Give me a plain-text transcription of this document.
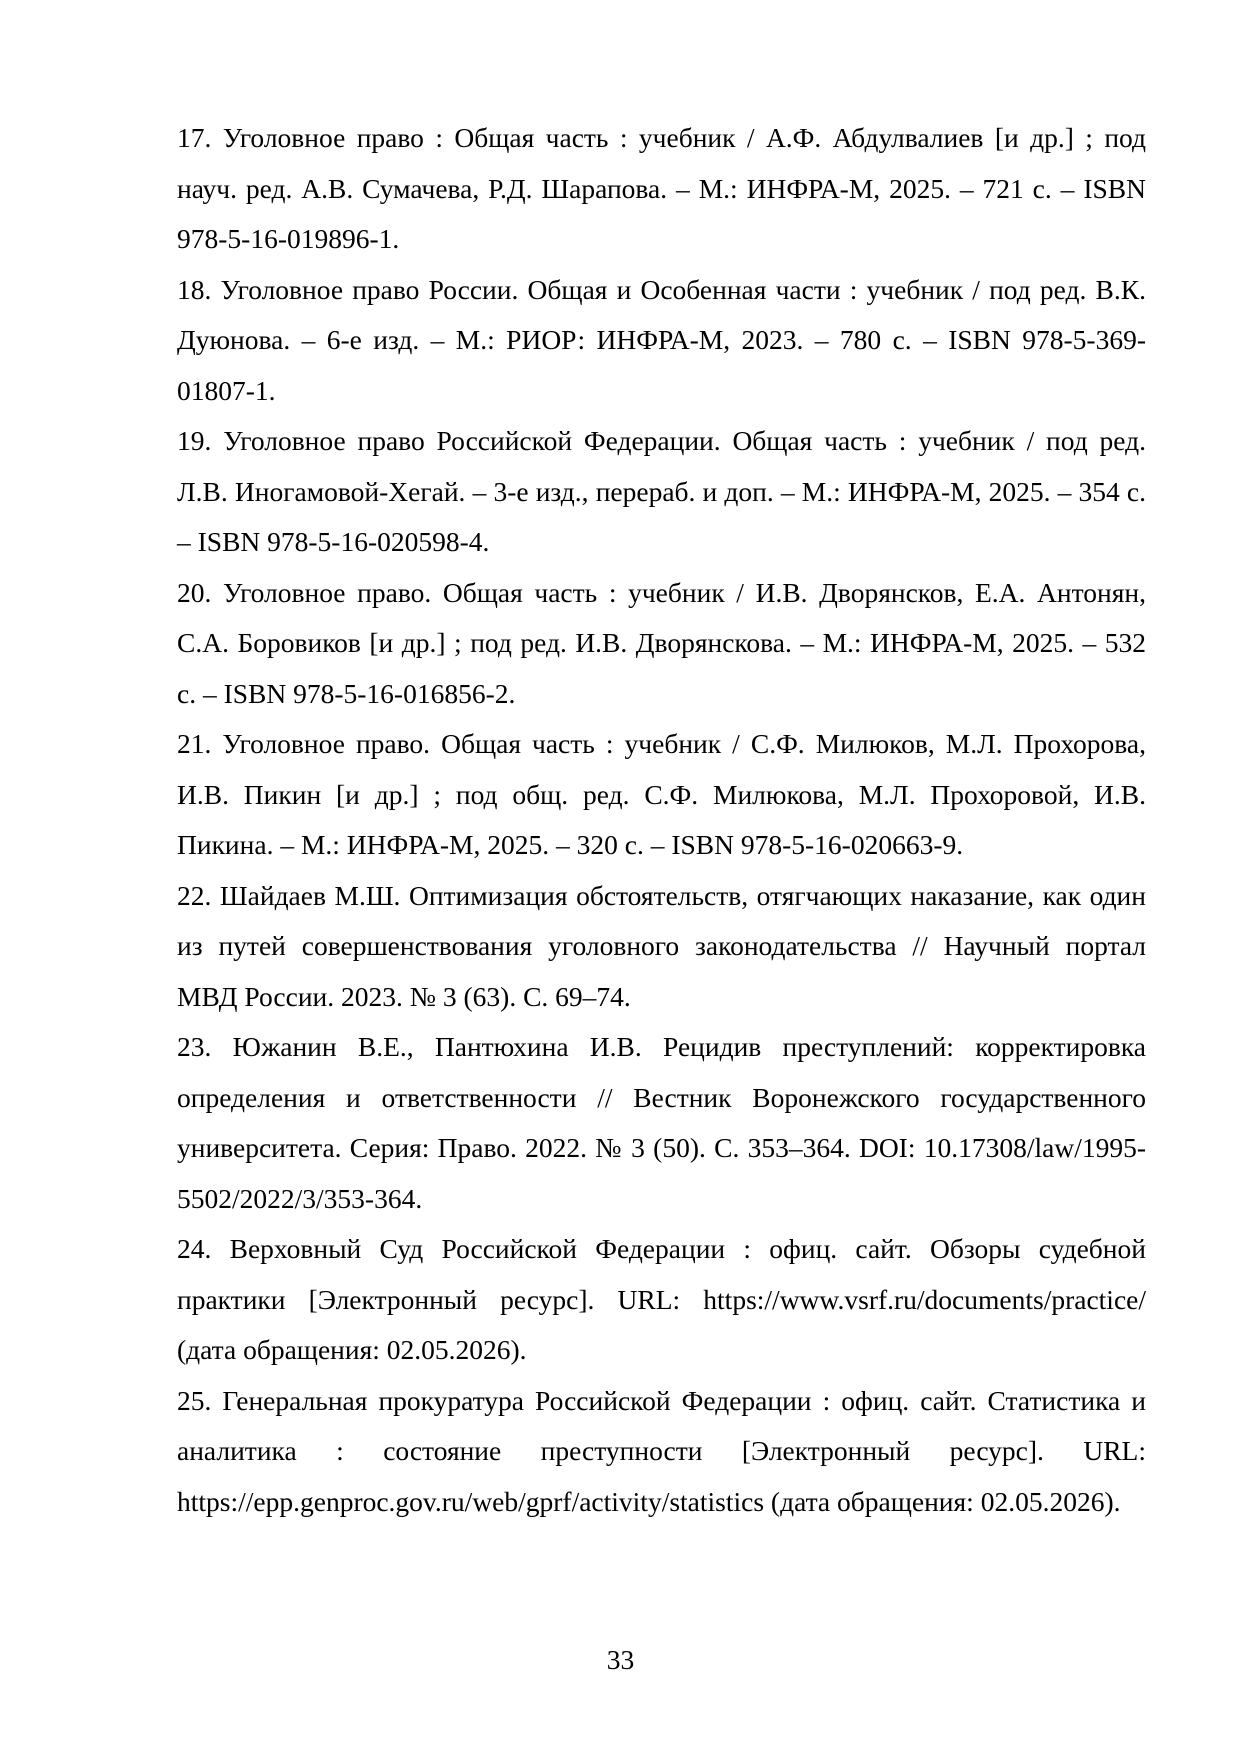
17. Уголовное право : Общая часть : учебник / А.Ф. Абдулвалиев [и др.] ; под науч. ред. А.В. Сумачева, Р.Д. Шарапова. – М.: ИНФРА-М, 2025. – 721 с. – ISBN 978-5-16-019896-1.
18. Уголовное право России. Общая и Особенная части : учебник / под ред. В.К. Дуюнова. – 6-е изд. – М.: РИОР: ИНФРА-М, 2023. – 780 с. – ISBN 978-5-369-01807-1.
19. Уголовное право Российской Федерации. Общая часть : учебник / под ред. Л.В. Иногамовой-Хегай. – 3-е изд., перераб. и доп. – М.: ИНФРА-М, 2025. – 354 с. – ISBN 978-5-16-020598-4.
20. Уголовное право. Общая часть : учебник / И.В. Дворянсков, Е.А. Антонян, С.А. Боровиков [и др.] ; под ред. И.В. Дворянскова. – М.: ИНФРА-М, 2025. – 532 с. – ISBN 978-5-16-016856-2.
21. Уголовное право. Общая часть : учебник / С.Ф. Милюков, М.Л. Прохорова, И.В. Пикин [и др.] ; под общ. ред. С.Ф. Милюкова, М.Л. Прохоровой, И.В. Пикина. – М.: ИНФРА-М, 2025. – 320 с. – ISBN 978-5-16-020663-9.
22. Шайдаев М.Ш. Оптимизация обстоятельств, отягчающих наказание, как один из путей совершенствования уголовного законодательства // Научный портал МВД России. 2023. № 3 (63). С. 69–74.
23. Южанин В.Е., Пантюхина И.В. Рецидив преступлений: корректировка определения и ответственности // Вестник Воронежского государственного университета. Серия: Право. 2022. № 3 (50). С. 353–364. DOI: 10.17308/law/1995-5502/2022/3/353-364.
24. Верховный Суд Российской Федерации : офиц. сайт. Обзоры судебной практики [Электронный ресурс]. URL: https://www.vsrf.ru/documents/practice/ (дата обращения: 02.05.2026).
25. Генеральная прокуратура Российской Федерации : офиц. сайт. Статистика и аналитика : состояние преступности [Электронный ресурс]. URL: https://epp.genproc.gov.ru/web/gprf/activity/statistics (дата обращения: 02.05.2026).
33
